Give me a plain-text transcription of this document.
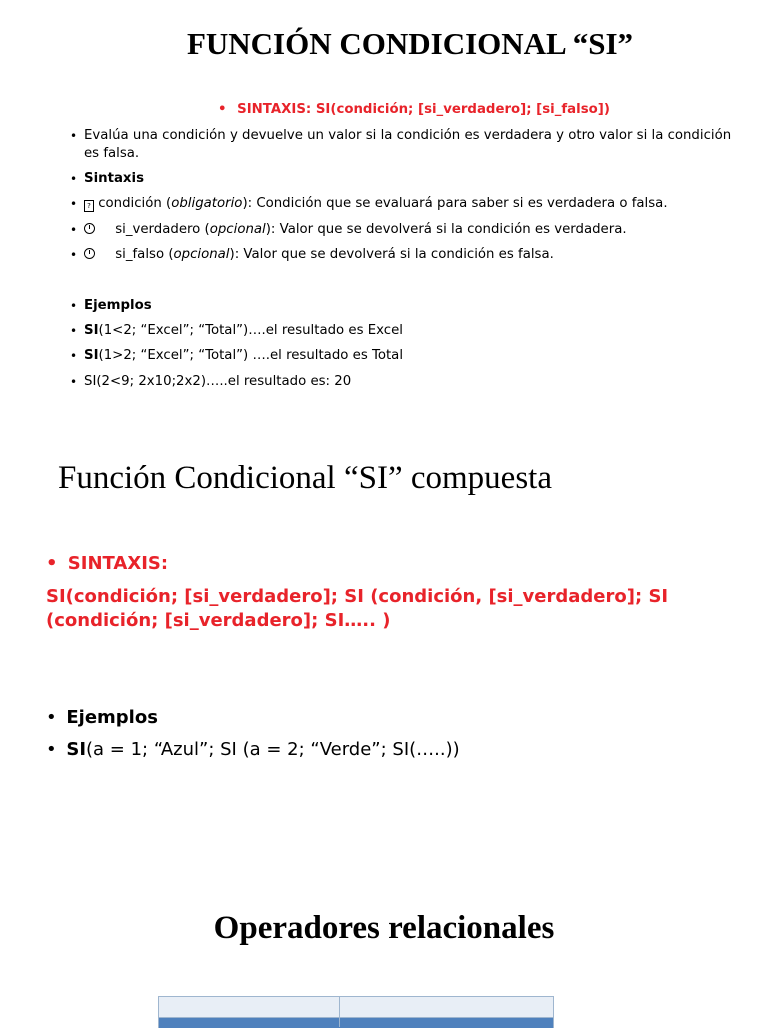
FUNCIÓN CONDICIONAL “SI”
• SINTAXIS: SI(condición; [si_verdadero]; [si_falso])
• Evalúa una condición y devuelve un valor si la condición es verdadera y otro valor si la condición
es falsa.
• Sintaxis
•	? condición (obligatorio): Condición que se evaluará para saber si es verdadera o falsa.
•	si_verdadero (opcional): Valor que se devolverá si la condición es verdadera.
•	si_falso (opcional): Valor que se devolverá si la condición es falsa.
• Ejemplos
• SI(1<2; “Excel”; “Total”)….el resultado es Excel
• SI(1>2; “Excel”; “Total”) ….el resultado es Total
• SI(2<9; 2x10;2x2)…..el resultado es: 20
Función Condicional “SI” compuesta
• SINTAXIS:
SI(condición; [si_verdadero]; SI (condición, [si_verdadero]; SI
(condición; [si_verdadero]; SI….. )
• Ejemplos
• SI(a = 1; “Azul”; SI (a = 2; “Verde”; SI(…..))
Operadores relacionales
